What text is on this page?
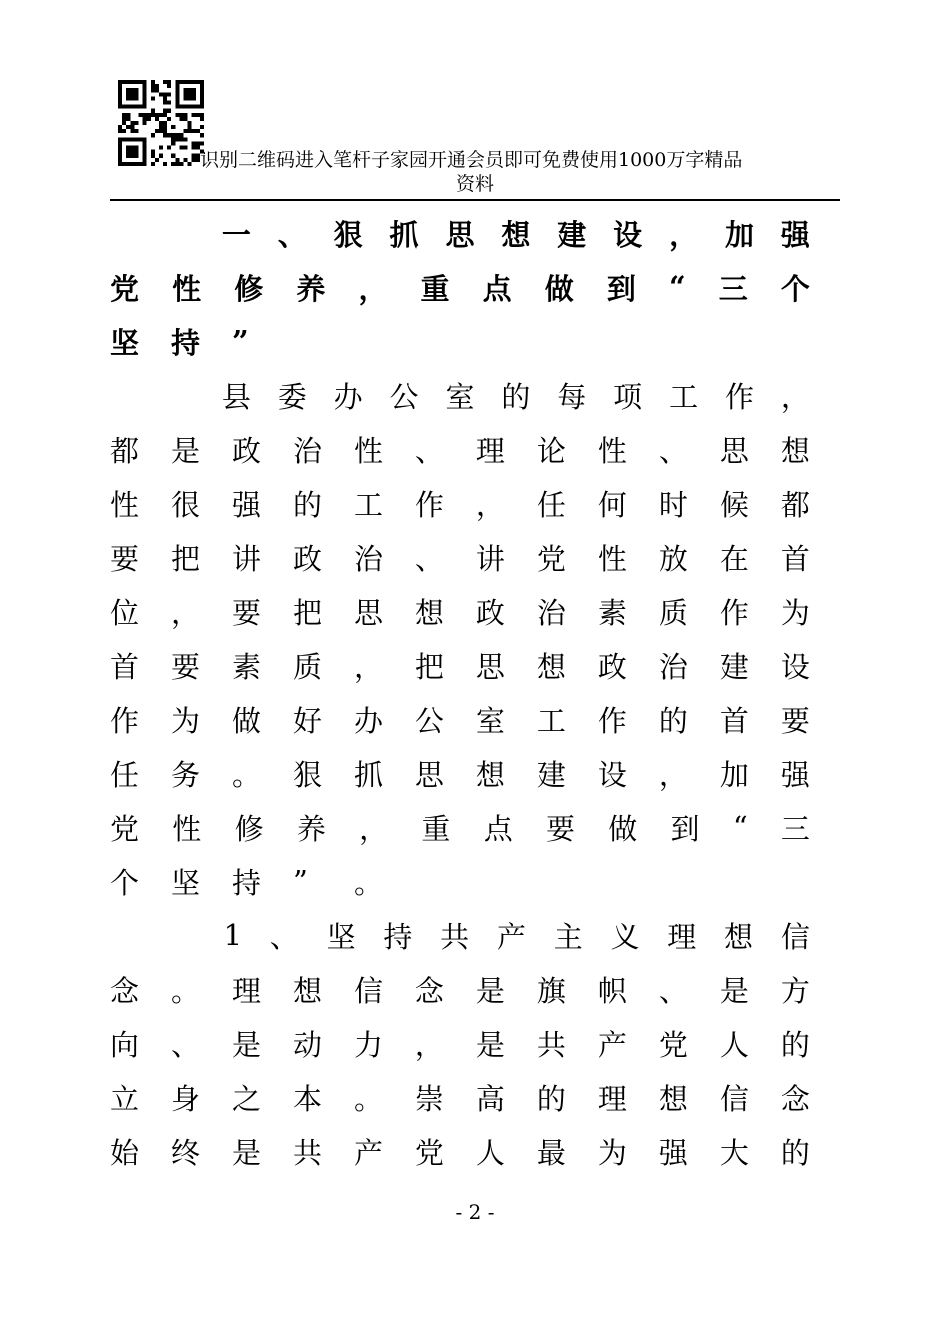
识别二维码进入笔杆子家园开通会员即可免费使用1000万字精品
资料

一 、 狠 抓 思 想 建 设 ， 加 强
党 性 修 养 ， 重 点 做 到 “ 三 个
坚	持	”

县 委 办 公 室 的 每 项 工 作 ，
都 是 政 治 性 、 理 论 性 、 思 想
性 很 强 的 工 作 ， 任 何 时 候 都
要 把 讲 政 治 、 讲 党 性 放 在 首
位 ， 要 把 思 想 政 治 素 质 作 为
首 要 素 质 ， 把 思 想 政 治 建 设
作 为 做 好 办 公 室 工 作 的 首 要
任 务 。 狠 抓 思 想 建 设 ， 加 强
党 性 修 养 ， 重 点 要 做 到 “ 三
个	坚	持	”	。

1 、 坚 持 共 产 主 义 理 想 信
念 。 理 想 信 念 是 旗 帜 、 是 方
向 、 是 动 力 ， 是 共 产 党 人 的
立 身 之 本 。 崇 高 的 理 想 信 念
始 终 是 共 产 党 人 最 为 强 大 的
- 2 -
